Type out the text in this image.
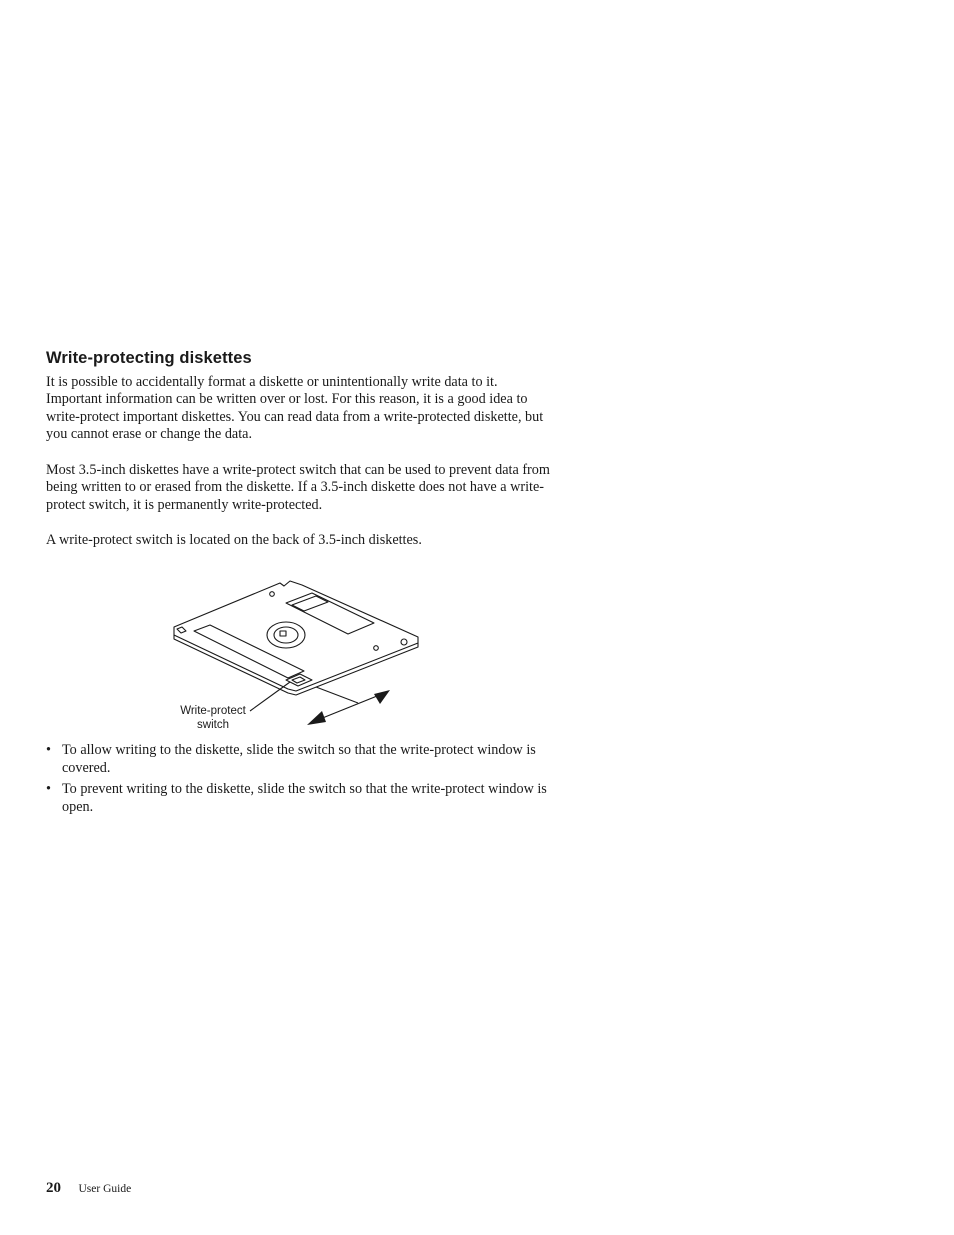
Write-protecting diskettes

It is possible to accidentally format a diskette or unintentionally write data to it. Important information can be written over or lost. For this reason, it is a good idea to write-protect important diskettes. You can read data from a write-protected diskette, but you cannot erase or change the data.

Most 3.5-inch diskettes have a write-protect switch that can be used to prevent data from being written to or erased from the diskette. If a 3.5-inch diskette does not have a write-protect switch, it is permanently write-protected.

A write-protect switch is located on the back of 3.5-inch diskettes.

Write-protect switch
• To allow writing to the diskette, slide the switch so that the write-protect window is covered.
• To prevent writing to the diskette, slide the switch so that the write-protect window is open.
20 User Guide
